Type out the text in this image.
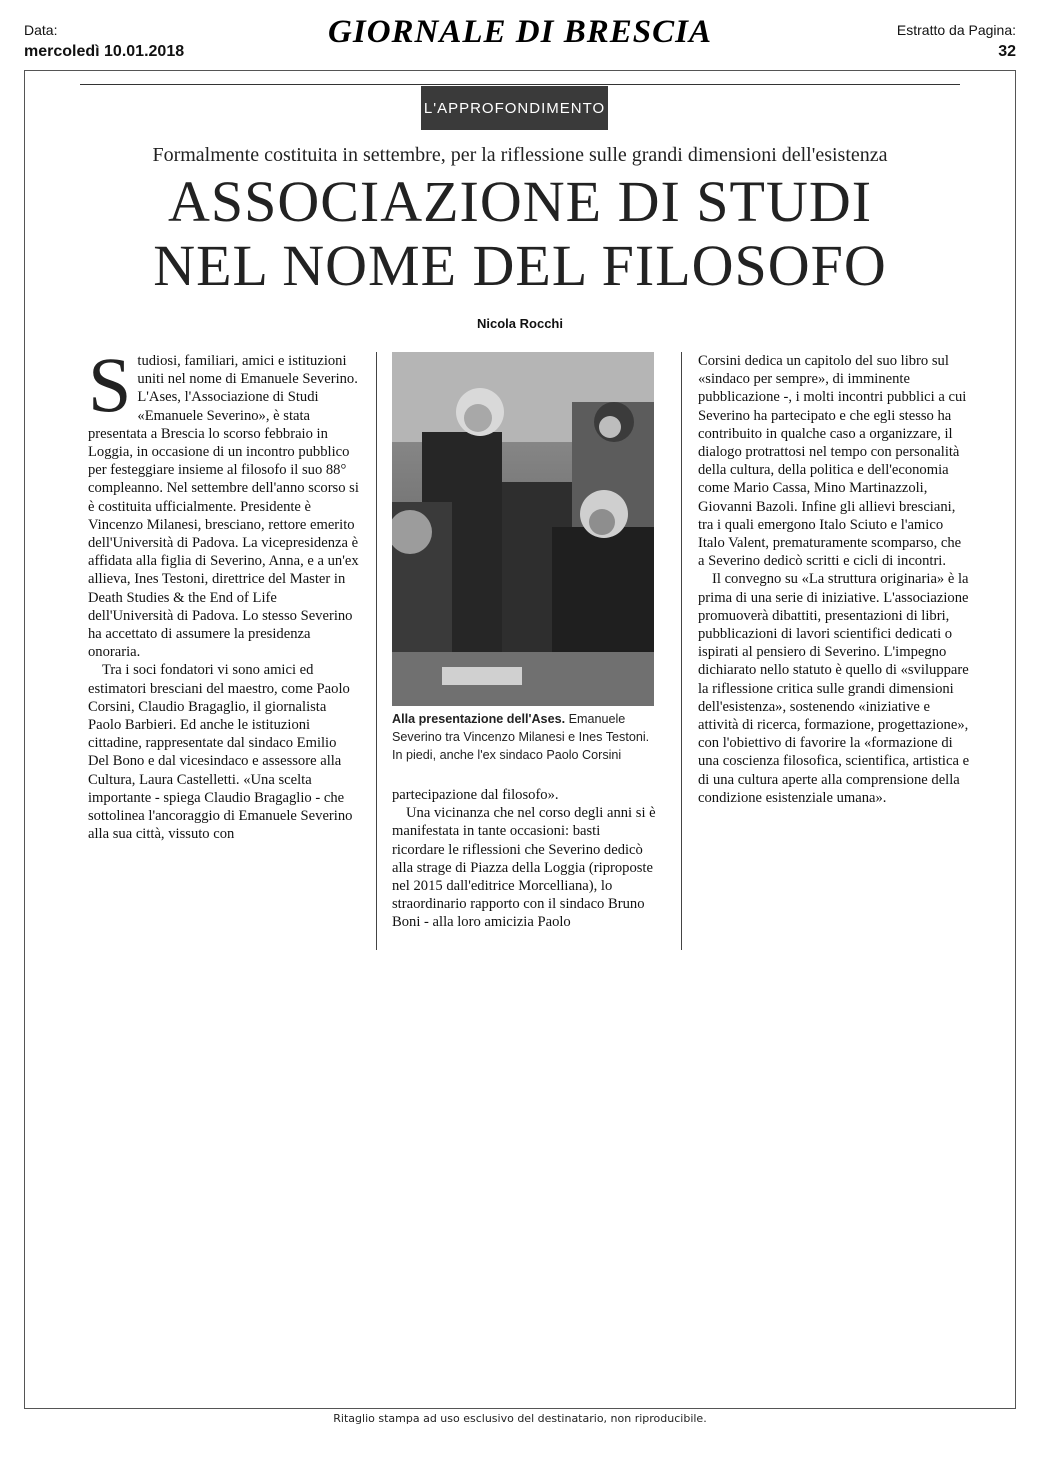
Data:
mercoledì 10.01.2018
GIORNALE DI BRESCIA	Estratto da Pagina:
32
L'APPROFONDIMENTO
Formalmente costituita in settembre, per la riflessione sulle grandi dimensioni dell'esistenza
ASSOCIAZIONE DI STUDI
NEL NOME DEL FILOSOFO
Nicola Rocchi

Studiosi, familiari, amici e istituzioni uniti nel nome di Emanuele Severino. L'Ases, l'Associazione di Studi «Emanuele Severino», è stata presentata a Brescia lo scorso febbraio in Loggia, in occasione di un incontro pubblico per festeggiare insieme al filosofo il suo 88° compleanno. Nel settembre dell'anno scorso si è costituita ufficialmente. Presidente è Vincenzo Milanesi, bresciano, rettore emerito dell'Università di Padova. La vicepresidenza è affidata alla figlia di Severino, Anna, e a un'ex allieva, Ines Testoni, direttrice del Master in Death Studies & the End of Life dell'Università di Padova. Lo stesso Severino ha accettato di assumere la presidenza onoraria.

Tra i soci fondatori vi sono amici ed estimatori bresciani del maestro, come Paolo Corsini, Claudio Bragaglio, il giornalista Paolo Barbieri. Ed anche le istituzioni cittadine, rappresentate dal sindaco Emilio Del Bono e dal vicesindaco e assessore alla Cultura, Laura Castelletti. «Una scelta importante - spiega Claudio Bragaglio - che sottolinea l'ancoraggio di Emanuele Severino alla sua città, vissuto con

Alla presentazione dell'Ases. Emanuele Severino tra Vincenzo Milanesi e Ines Testoni. In piedi, anche l'ex sindaco Paolo Corsini

partecipazione dal filosofo».

Una vicinanza che nel corso degli anni si è manifestata in tante occasioni: basti ricordare le riflessioni che Severino dedicò alla strage di Piazza della Loggia (riproposte nel 2015 dall'editrice Morcelliana), lo straordinario rapporto con il sindaco Bruno Boni - alla loro amicizia Paolo

Corsini dedica un capitolo del suo libro sul «sindaco per sempre», di imminente pubblicazione -, i molti incontri pubblici a cui Severino ha partecipato e che egli stesso ha contribuito in qualche caso a organizzare, il dialogo protrattosi nel tempo con personalità della cultura, della politica e dell'economia come Mario Cassa, Mino Martinazzoli, Giovanni Bazoli. Infine gli allievi bresciani, tra i quali emergono Italo Sciuto e l'amico Italo Valent, prematuramente scomparso, che a Severino dedicò scritti e cicli di incontri.

Il convegno su «La struttura originaria» è la prima di una serie di iniziative. L'associazione promuoverà dibattiti, presentazioni di libri, pubblicazioni di lavori scientifici dedicati o ispirati al pensiero di Severino. L'impegno dichiarato nello statuto è quello di «sviluppare la riflessione critica sulle grandi dimensioni dell'esistenza», sostenendo «iniziative e attività di ricerca, formazione, progettazione», con l'obiettivo di favorire la «formazione di una coscienza filosofica, scientifica, artistica e di una cultura aperte alla comprensione della condizione esistenziale umana».

Ritaglio stampa ad uso esclusivo del destinatario, non riproducibile.
